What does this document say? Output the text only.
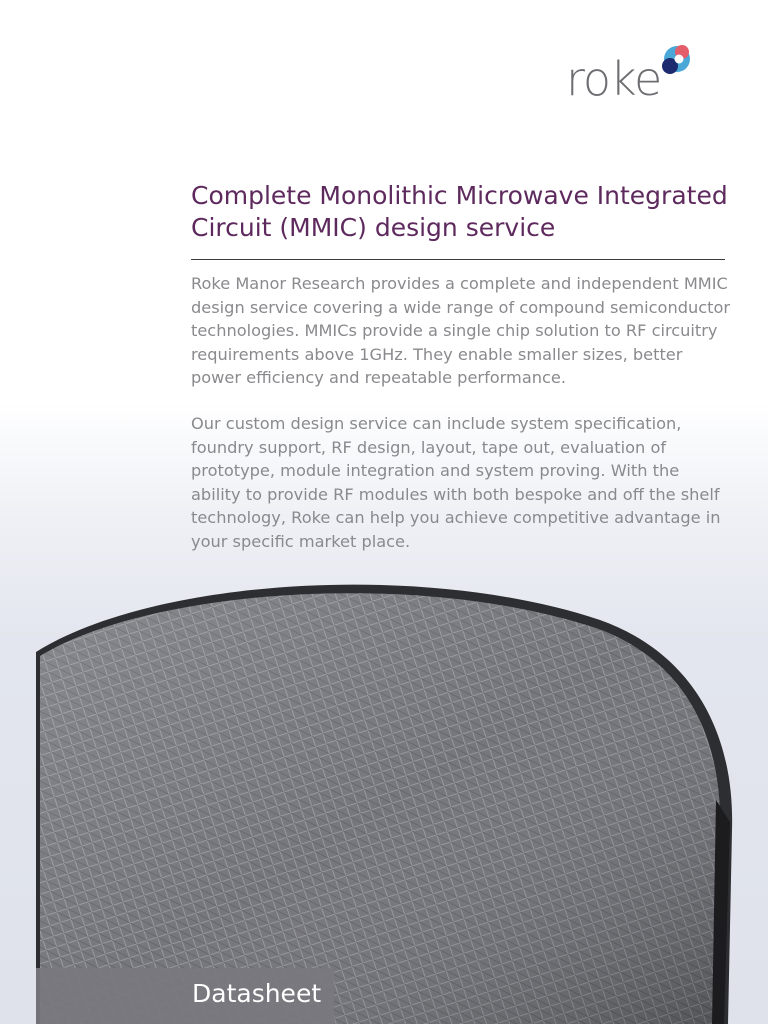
roke
Complete Monolithic Microwave Integrated Circuit (MMIC) design service

Roke Manor Research provides a complete and independent MMIC design service covering a wide range of compound semiconductor technologies. MMICs provide a single chip solution to RF circuitry requirements above 1GHz. They enable smaller sizes, better power efficiency and repeatable performance.

Our custom design service can include system specification, foundry support, RF design, layout, tape out, evaluation of prototype, module integration and system proving. With the ability to provide RF modules with both bespoke and off the shelf technology, Roke can help you achieve competitive advantage in your specific market place.

Datasheet
